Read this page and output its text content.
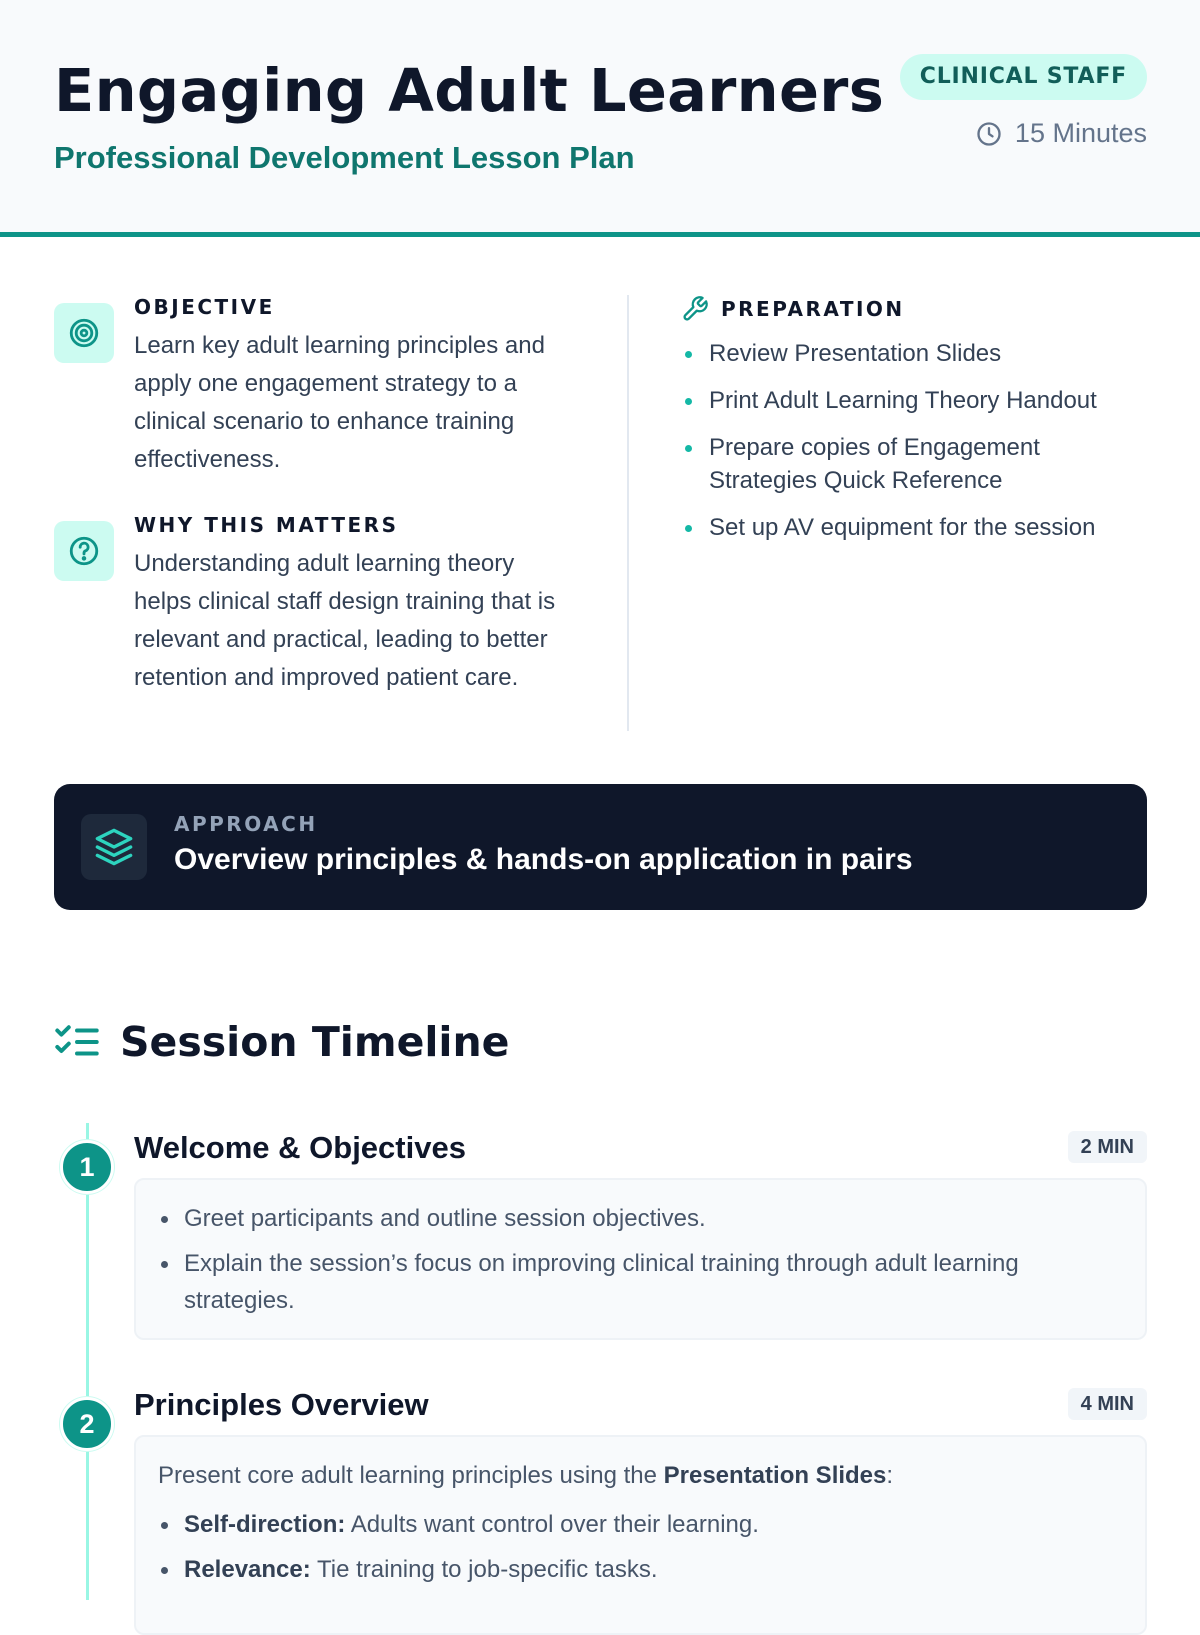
Engaging Adult Learners
Professional Development Lesson Plan
CLINICAL STAFF
15 Minutes
OBJECTIVE
Learn key adult learning principles and apply one engagement strategy to a clinical scenario to enhance training effectiveness.
WHY THIS MATTERS
Understanding adult learning theory helps clinical staff design training that is relevant and practical, leading to better retention and improved patient care.
PREPARATION
Review Presentation Slides
Print Adult Learning Theory Handout
Prepare copies of Engagement Strategies Quick Reference
Set up AV equipment for the session
APPROACH
Overview principles & hands-on application in pairs
Session Timeline
1
Welcome & Objectives	2 MIN
Greet participants and outline session objectives.
Explain the session’s focus on improving clinical training through adult learning strategies.
2
Principles Overview	4 MIN

Present core adult learning principles using the Presentation Slides:

Self-direction: Adults want control over their learning.
Relevance: Tie training to job-specific tasks.
